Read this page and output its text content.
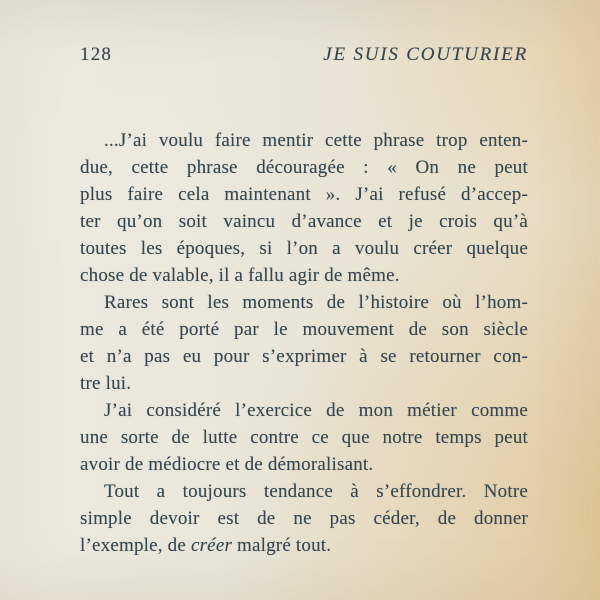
128	JE SUIS COUTURIER
...J’ai voulu faire mentir cette phrase trop enten-
due, cette phrase découragée : « On ne peut
plus faire cela maintenant ». J’ai refusé d’accep-
ter qu’on soit vaincu d’avance et je crois qu’à
toutes les époques, si l’on a voulu créer quelque
chose de valable, il a fallu agir de même.
Rares sont les moments de l’histoire où l’hom-
me a été porté par le mouvement de son siècle
et n’a pas eu pour s’exprimer à se retourner con-
tre lui.
J’ai considéré l’exercice de mon métier comme
une sorte de lutte contre ce que notre temps peut
avoir de médiocre et de démoralisant.
Tout a toujours tendance à s’effondrer. Notre
simple devoir est de ne pas céder, de donner
l’exemple, de créer malgré tout.
